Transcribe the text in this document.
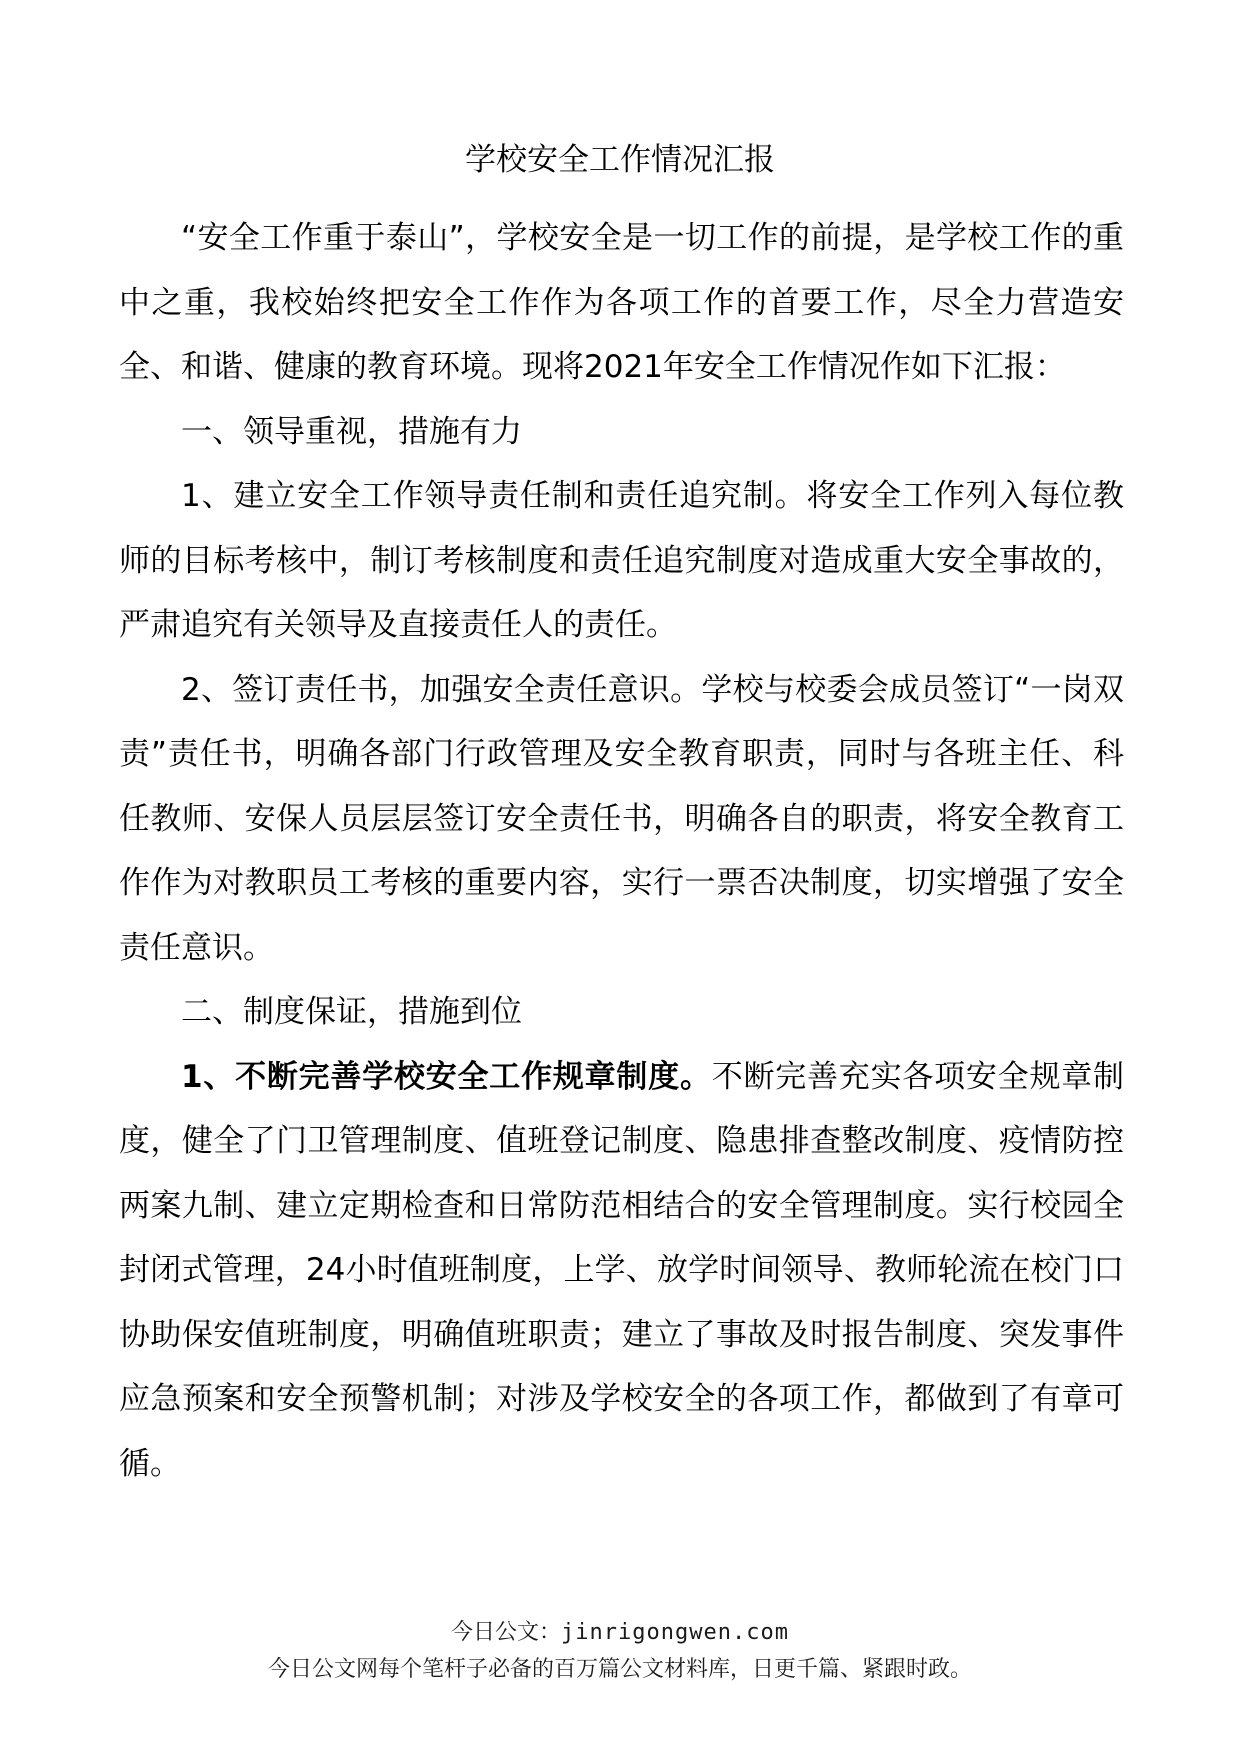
学校安全工作情况汇报

“安全工作重于泰山”，学校安全是一切工作的前提，是学校工作的重中之重，我校始终把安全工作作为各项工作的首要工作，尽全力营造安全、和谐、健康的教育环境。现将2021年安全工作情况作如下汇报：

一、领导重视，措施有力

1、建立安全工作领导责任制和责任追究制。将安全工作列入每位教师的目标考核中，制订考核制度和责任追究制度对造成重大安全事故的，严肃追究有关领导及直接责任人的责任。

2、签订责任书，加强安全责任意识。学校与校委会成员签订“一岗双责”责任书，明确各部门行政管理及安全教育职责，同时与各班主任、科任教师、安保人员层层签订安全责任书，明确各自的职责，将安全教育工作作为对教职员工考核的重要内容，实行一票否决制度，切实增强了安全责任意识。

二、制度保证，措施到位

1、不断完善学校安全工作规章制度。不断完善充实各项安全规章制度，健全了门卫管理制度、值班登记制度、隐患排查整改制度、疫情防控两案九制、建立定期检查和日常防范相结合的安全管理制度。实行校园全封闭式管理，24小时值班制度，上学、放学时间领导、教师轮流在校门口协助保安值班制度，明确值班职责；建立了事故及时报告制度、突发事件应急预案和安全预警机制；对涉及学校安全的各项工作，都做到了有章可循。

今日公文：jinrigongwen.com
今日公文网每个笔杆子必备的百万篇公文材料库，日更千篇、紧跟时政。
